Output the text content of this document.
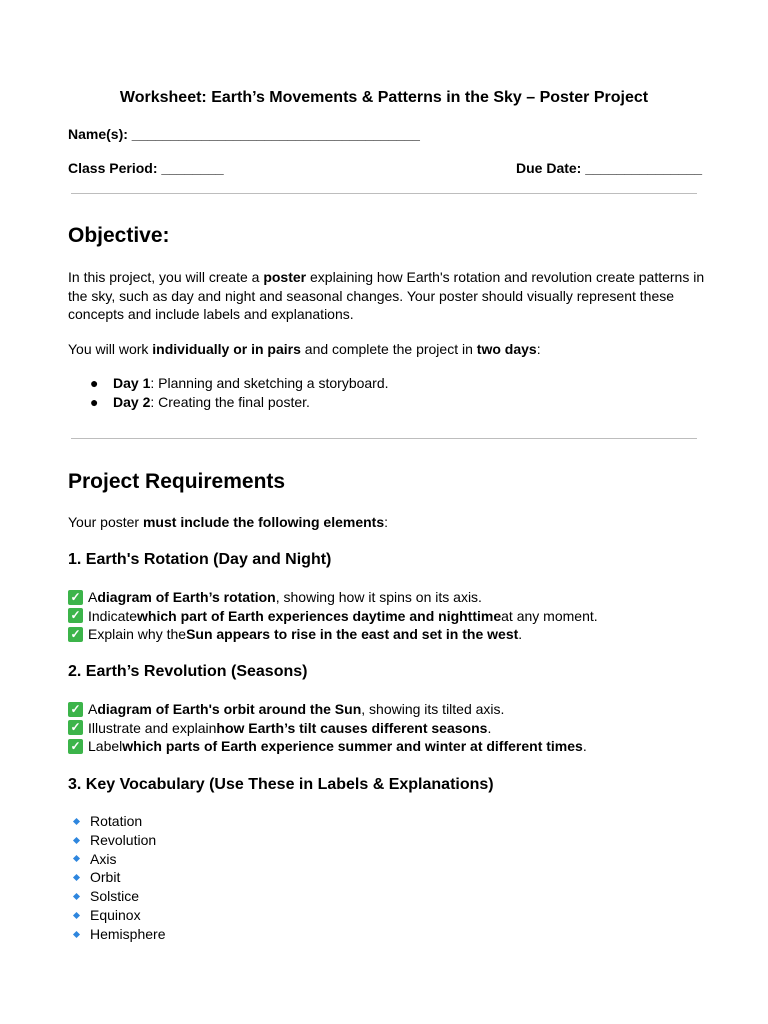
Worksheet: Earth’s Movements & Patterns in the Sky – Poster Project
Name(s): _____________________________________
Class Period: ________	Due Date: _______________
Objective:
In this project, you will create a poster explaining how Earth's rotation and revolution create patterns in the sky, such as day and night and seasonal changes. Your poster should visually represent these concepts and include labels and explanations.
You will work individually or in pairs and complete the project in two days:
● Day 1: Planning and sketching a storyboard.
● Day 2: Creating the final poster.
Project Requirements
Your poster must include the following elements:
1. Earth's Rotation (Day and Night)
✓ A diagram of Earth’s rotation , showing how it spins on its axis.
✓ Indicate which part of Earth experiences daytime and nighttime at any moment.
✓ Explain why the Sun appears to rise in the east and set in the west .
2. Earth’s Revolution (Seasons)
✓ A diagram of Earth's orbit around the Sun , showing its tilted axis.
✓ Illustrate and explain how Earth’s tilt causes different seasons .
✓ Label which parts of Earth experience summer and winter at different times .
3. Key Vocabulary (Use These in Labels & Explanations)
Rotation
Revolution
Axis
Orbit
Solstice
Equinox
Hemisphere
